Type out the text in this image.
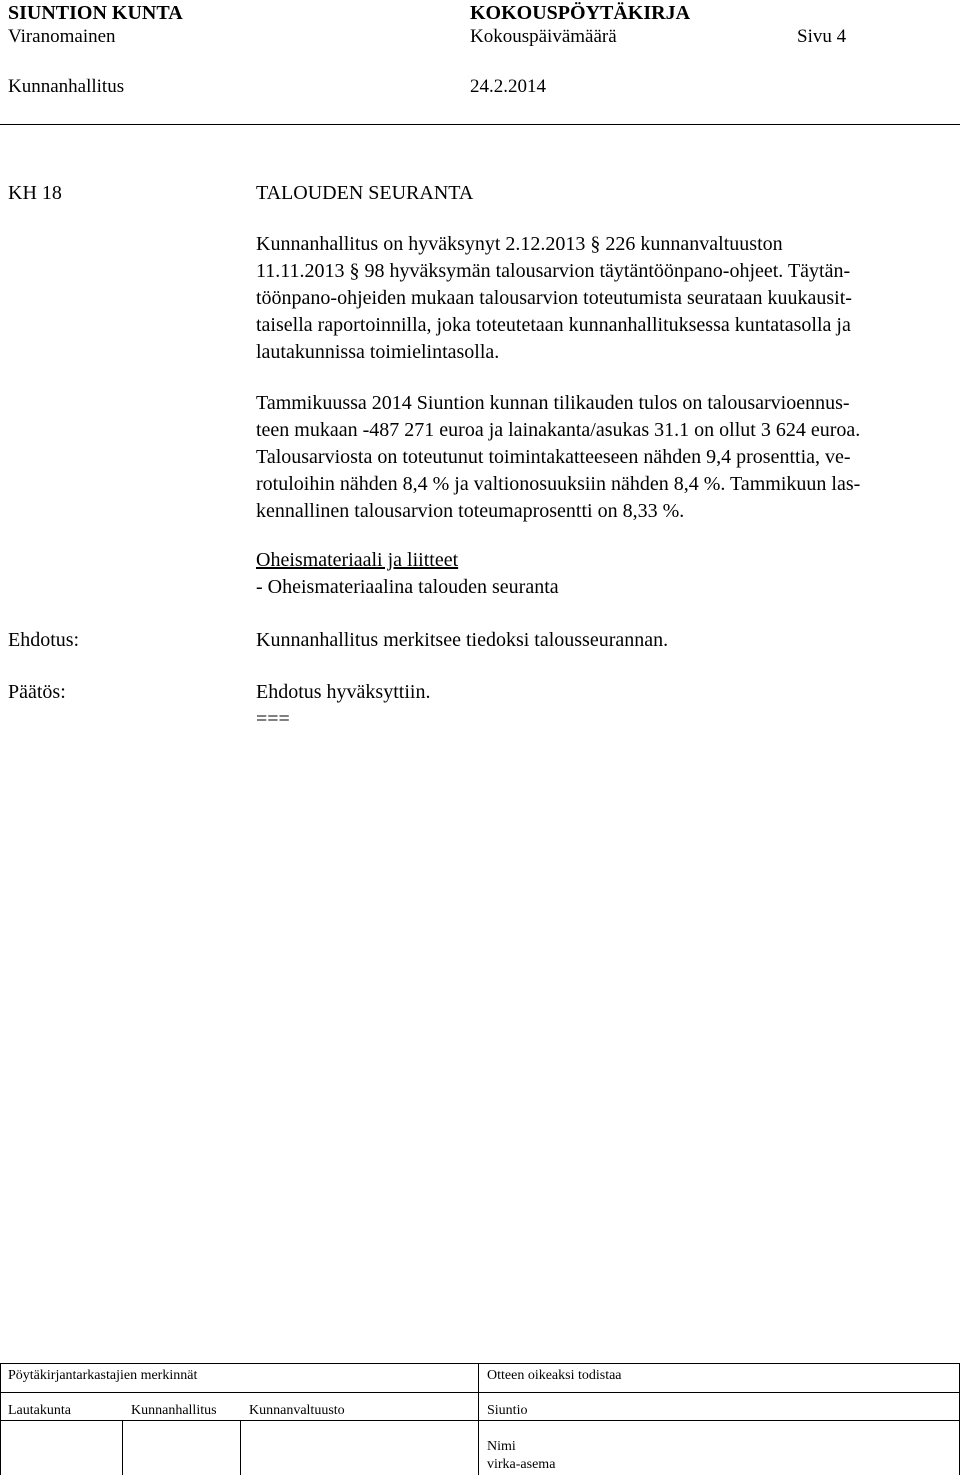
SIUNTION KUNTA	KOKOUSPÖYTÄKIRJA
Viranomainen	Kokouspäivämäärä	Sivu 4
Kunnanhallitus	24.2.2014
KH 18	TALOUDEN SEURANTA

Kunnanhallitus on hyväksynyt 2.12.2013 § 226 kunnanvaltuuston

11.11.2013 § 98 hyväksymän talousarvion täytäntöönpano-ohjeet. Täytän-

töönpano-ohjeiden mukaan talousarvion toteutumista seurataan kuukausit-

taisella raportoinnilla, joka toteutetaan kunnanhallituksessa kuntatasolla ja

lautakunnissa toimielintasolla.

Tammikuussa 2014 Siuntion kunnan tilikauden tulos on talousarvioennus-

teen mukaan -487 271 euroa ja lainakanta/asukas 31.1 on ollut 3 624 euroa.

Talousarviosta on toteutunut toimintakatteeseen nähden 9,4 prosenttia, ve-

rotuloihin nähden 8,4 % ja valtionosuuksiin nähden 8,4 %. Tammikuun las-

kennallinen talousarvion toteumaprosentti on 8,33 %.

Oheismateriaali ja liitteet
- Oheismateriaalina talouden seuranta
Ehdotus:	Kunnanhallitus merkitsee tiedoksi talousseurannan.
Päätös:	Ehdotus hyväksyttiin.
===
Pöytäkirjantarkastajien merkinnät	Otteen oikeaksi todistaa
Lautakunta	Kunnanhallitus Kunnanvaltuusto	Siuntio
Nimi
virka-asema
